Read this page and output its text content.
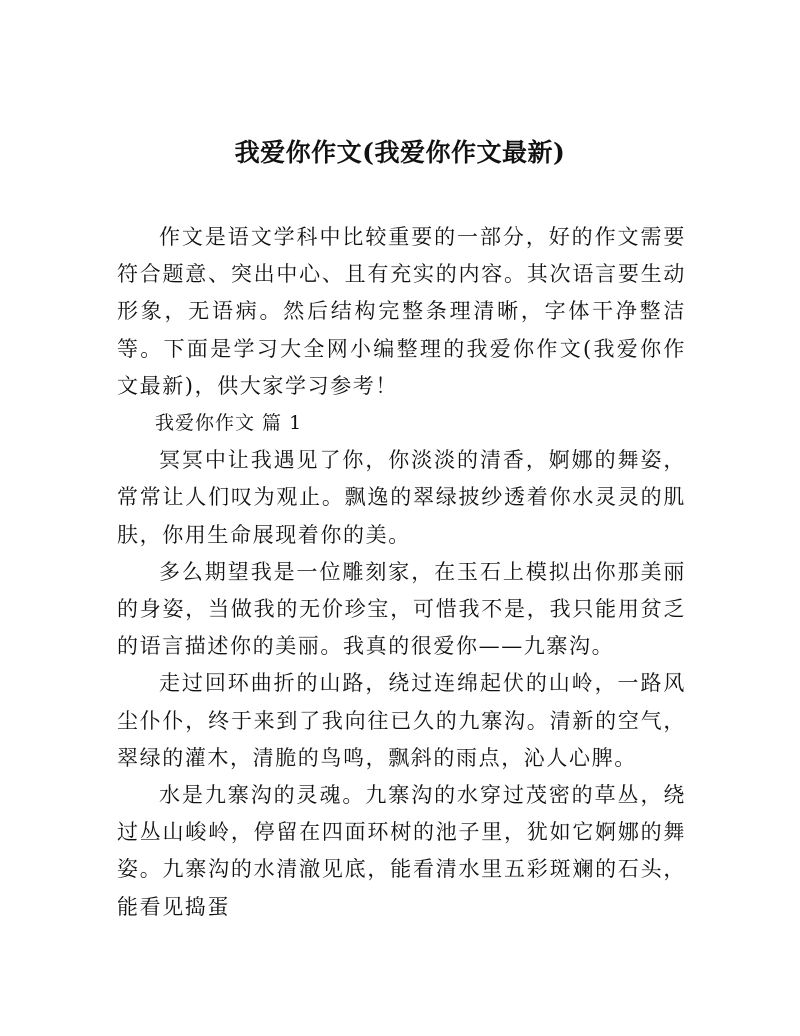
我爱你作文(我爱你作文最新)

作文是语文学科中比较重要的一部分，好的作文需要符合题意、突出中心、且有充实的内容。其次语言要生动形象，无语病。然后结构完整条理清晰，字体干净整洁等。下面是学习大全网小编整理的我爱你作文(我爱你作文最新)，供大家学习参考！

我爱你作文 篇 1

冥冥中让我遇见了你，你淡淡的清香，婀娜的舞姿，常常让人们叹为观止。飘逸的翠绿披纱透着你水灵灵的肌肤，你用生命展现着你的美。

多么期望我是一位雕刻家，在玉石上模拟出你那美丽的身姿，当做我的无价珍宝，可惜我不是，我只能用贫乏的语言描述你的美丽。我真的很爱你——九寨沟。

走过回环曲折的山路，绕过连绵起伏的山岭，一路风尘仆仆，终于来到了我向往已久的九寨沟。清新的空气，翠绿的灌木，清脆的鸟鸣，飘斜的雨点，沁人心脾。

水是九寨沟的灵魂。九寨沟的水穿过茂密的草丛，绕过丛山峻岭，停留在四面环树的池子里，犹如它婀娜的舞姿。九寨沟的水清澈见底，能看清水里五彩斑斓的石头，能看见捣蛋
